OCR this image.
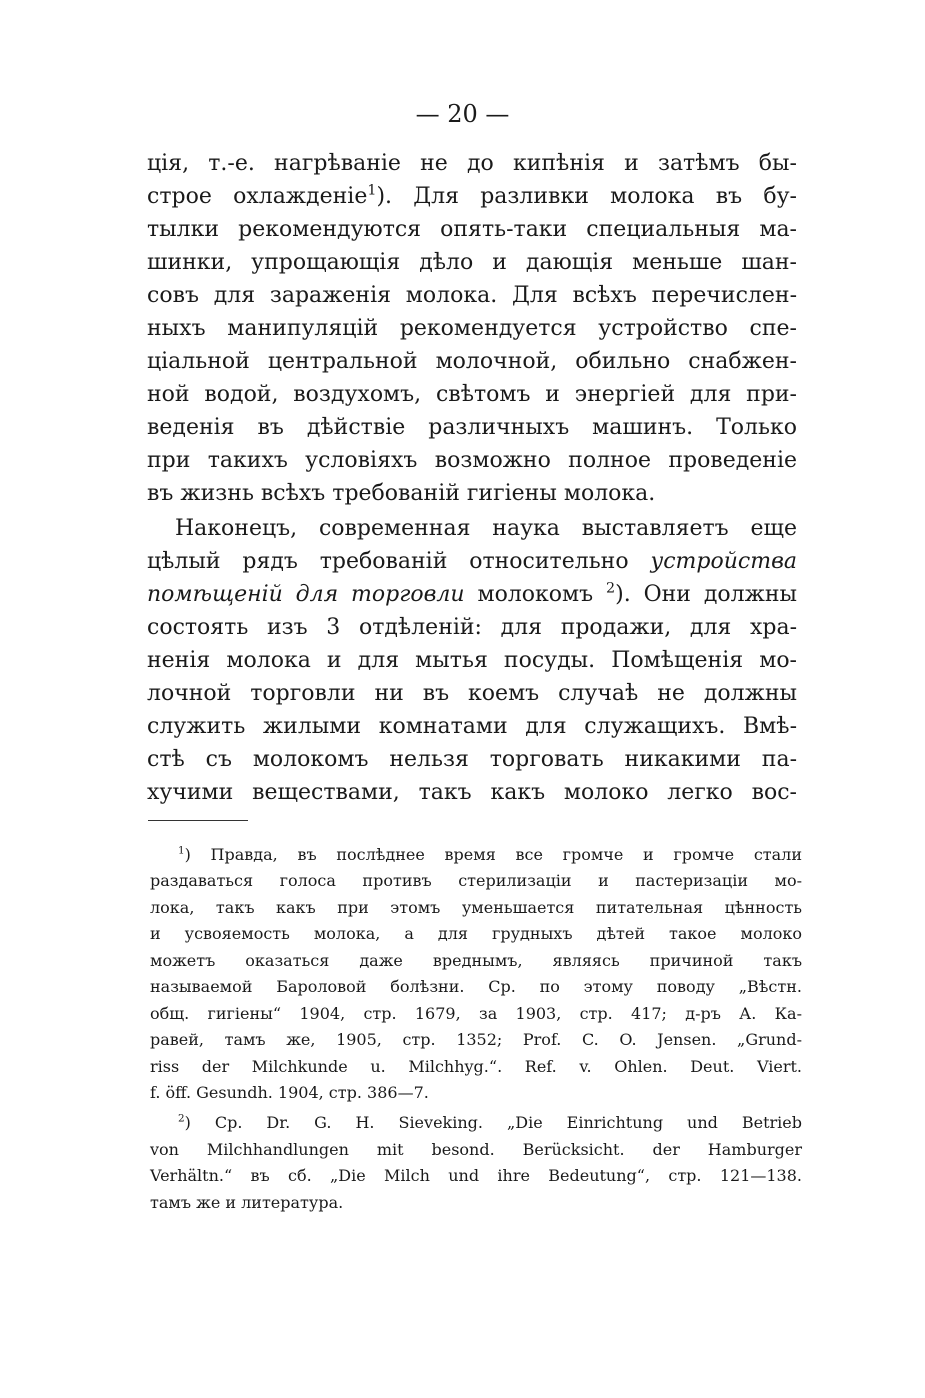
— 20 —
ція, т.-е. нагрѣваніе не до кипѣнія и затѣмъ бы-
строе охлажденіе$^1$). Для разливки молока въ бу-
тылки рекомендуются опять-таки специальныя ма-
шинки, упрощающія дѣло и дающія меньше шан-
совъ для зараженія молока. Для всѣхъ перечислен-
ныхъ манипуляцій рекомендуется устройство спе-
ціальной центральной молочной, обильно снабжен-
ной водой, воздухомъ, свѣтомъ и энергіей для при-
веденія въ дѣйствіе различныхъ машинъ. Только
при такихъ условіяхъ возможно полное проведеніе
въ жизнь всѣхъ требованій гигіены молока.
Наконецъ, современная наука выставляетъ еще
цѣлый рядъ требованій относительно устройства
помѣщеній для торговли молокомъ $^2$). Они должны
состоять изъ 3 отдѣленій: для продажи, для хра-
ненія молока и для мытья посуды. Помѣщенія мо-
лочной торговли ни въ коемъ случаѣ не должны
служить жилыми комнатами для служащихъ. Вмѣ-
стѣ съ молокомъ нельзя торговать никакими па-
хучими веществами, такъ какъ молоко легко вос-
$^1$) Правда, въ послѣднее время все громче и громче стали
раздаваться голоса противъ стерилизаціи и пастеризаціи мо-
лока, такъ какъ при этомъ уменьшается питательная цѣнность
и усвояемость молока, а для грудныхъ дѣтей такое молоко
можетъ оказаться даже вреднымъ, являясь причиной такъ
называемой Бароловой болѣзни. Ср. по этому поводу „Вѣстн.
общ. гигіены“ 1904, стр. 1679, за 1903, стр. 417; д-ръ А. Ка-
равей, тамъ же, 1905, стр. 1352; Prof. C. O. Jensen. „Grund-
riss der Milchkunde u. Milchhyg.“. Ref. v. Ohlen. Deut. Viert.
f. öff. Gesundh. 1904, стр. 386—7.
$^2$) Ср. Dr. G. H. Sieveking. „Die Einrichtung und Betrieb
von Milchhandlungen mit besond. Berücksicht. der Hamburger
Verhältn.“ въ сб. „Die Milch und ihre Bedeutung“, стр. 121—138.
тамъ же и литература.
